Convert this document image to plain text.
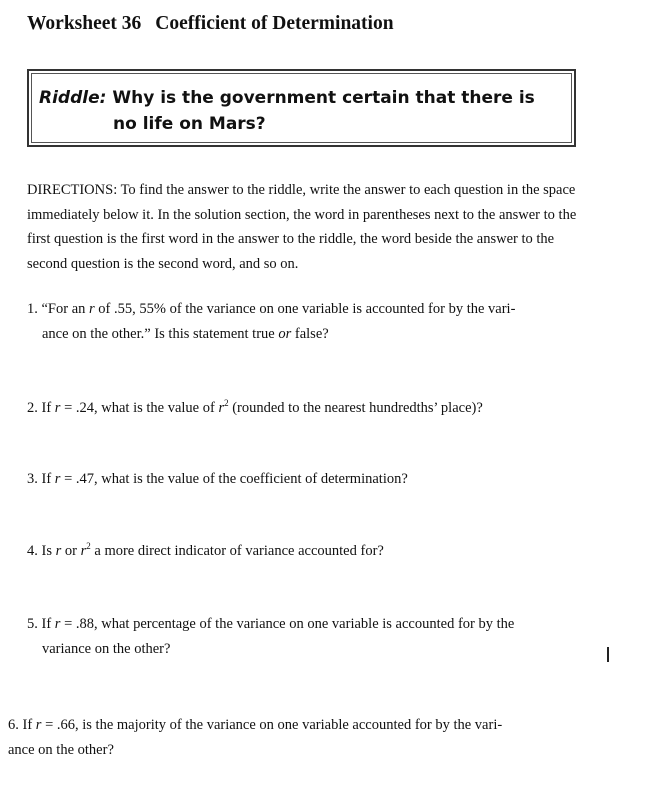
Worksheet 36 Coefficient of Determination
Riddle: Why is the government certain that there is
no life on Mars?
DIRECTIONS: To find the answer to the riddle, write the answer to each question in the space immediately below it. In the solution section, the word in parentheses next to the answer to the first question is the first word in the answer to the riddle, the word beside the answer to the second question is the second word, and so on.
1. “For an r of .55, 55% of the variance on one variable is accounted for by the vari-
ance on the other.” Is this statement true or false?
2. If r = .24, what is the value of $r^2$ (rounded to the nearest hundredths’ place)?
3. If r = .47, what is the value of the coefficient of determination?
4. Is r or $r^2$ a more direct indicator of variance accounted for?
5. If r = .88, what percentage of the variance on one variable is accounted for by the
variance on the other?
6. If r = .66, is the majority of the variance on one variable accounted for by the vari-
ance on the other?
